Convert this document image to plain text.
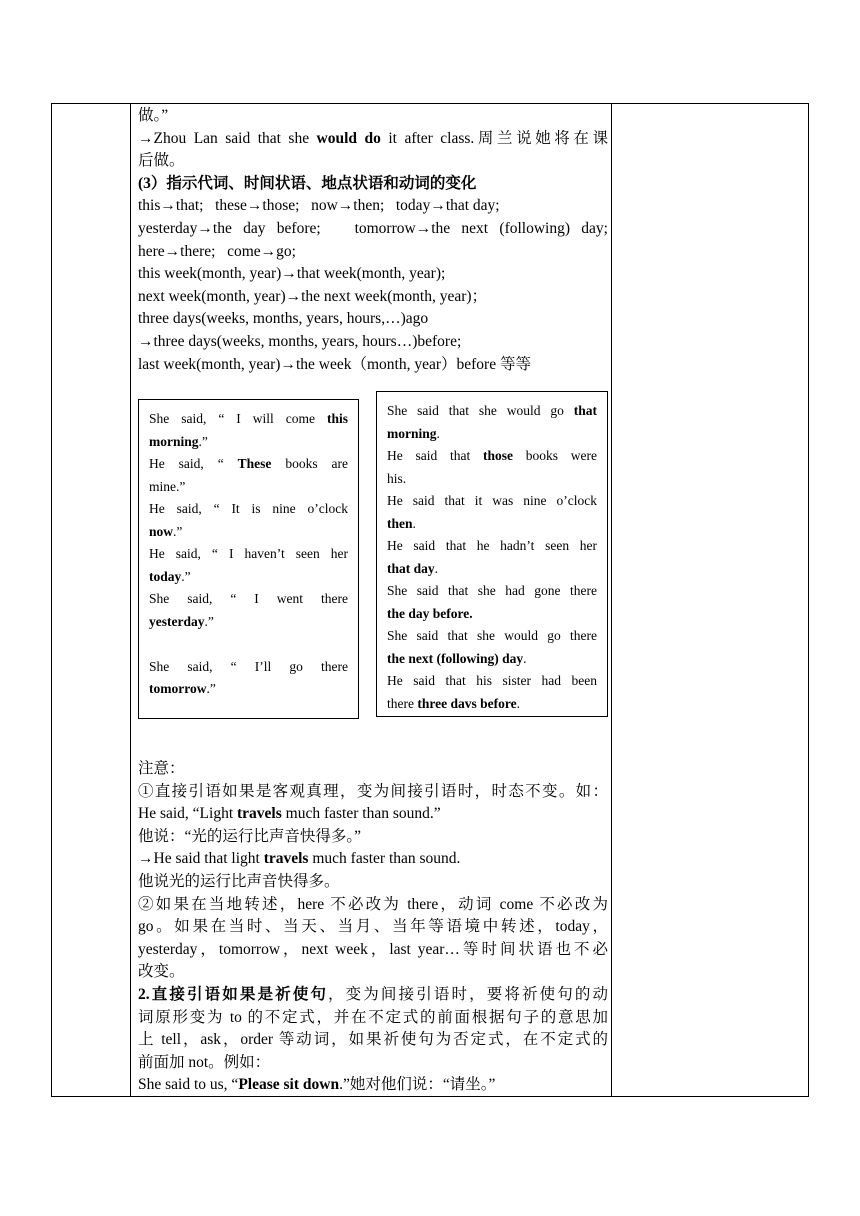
做。”
→Zhou Lan said that she would do it after class.周兰说她将在课
后做。
(3）指示代词、时间状语、地点状语和动词的变化
this→that;   these→those;   now→then;   today→that day;
yesterday→the day before;   tomorrow→the next (following) day;
here→there;   come→go;
this week(month, year)→that week(month, year);
next week(month, year)→the next week(month, year)；
three days(weeks, months, years, hours,…)ago
→three days(weeks, months, years, hours…)before;
last week(month, year)→the week（month, year）before 等等
She said, “ I will come this
morning.”
He said, “ These books are
mine.”
He said, “ It is nine o’clock
now.”
He said, “ I haven’t seen her
today.”
She said, “ I went there
yesterday.”
She said, “ I’ll go there
tomorrow.”
She said that she would go that
morning.
He said that those books were
his.
He said that it was nine o’clock
then.
He said that he hadn’t seen her
that day.
She said that she had gone there
the day before.
She said that she would go there
the next (following) day.
He said that his sister had been
there three davs before.
注意：
①直接引语如果是客观真理，变为间接引语时，时态不变。如：
He said, “Light travels much faster than sound.”
他说：“光的运行比声音快得多。”
→He said that light travels much faster than sound.
他说光的运行比声音快得多。
②如果在当地转述，here 不必改为 there，动词 come 不必改为
go。如果在当时、当天、当月、当年等语境中转述，today，
yesterday，tomorrow，next week，last year…等时间状语也不必
改变。
2.直接引语如果是祈使句，变为间接引语时，要将祈使句的动
词原形变为 to 的不定式，并在不定式的前面根据句子的意思加
上 tell，ask，order 等动词，如果祈使句为否定式，在不定式的
前面加 not。例如：
She said to us, “Please sit down.”她对他们说：“请坐。”
